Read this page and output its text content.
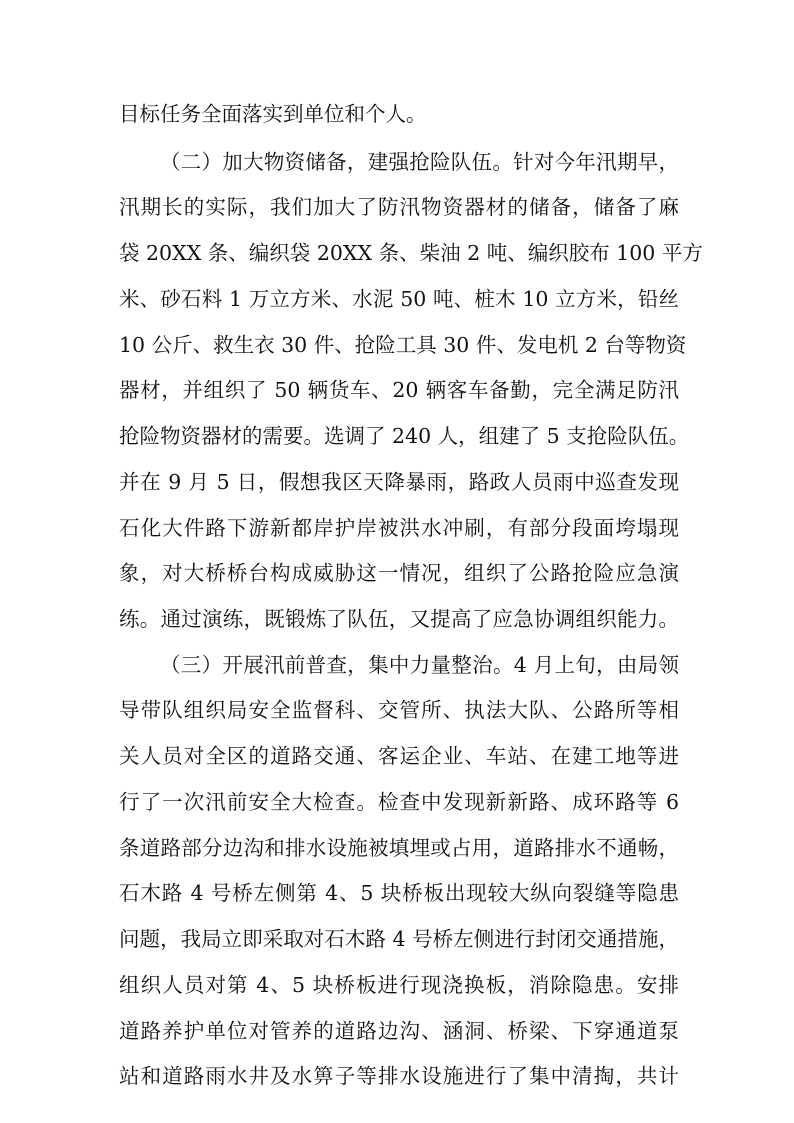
目标任务全面落实到单位和个人。
（二）加大物资储备，建强抢险队伍。针对今年汛期早，
汛期长的实际，我们加大了防汛物资器材的储备，储备了麻
袋 20XX 条、编织袋 20XX 条、柴油 2 吨、编织胶布 100 平方
米、砂石料 1 万立方米、水泥 50 吨、桩木 10 立方米，铅丝
10 公斤、救生衣 30 件、抢险工具 30 件、发电机 2 台等物资
器材，并组织了 50 辆货车、20 辆客车备勤，完全满足防汛
抢险物资器材的需要。选调了 240 人，组建了 5 支抢险队伍。
并在 9 月 5 日，假想我区天降暴雨，路政人员雨中巡查发现
石化大件路下游新都岸护岸被洪水冲刷，有部分段面垮塌现
象，对大桥桥台构成威胁这一情况，组织了公路抢险应急演
练。通过演练，既锻炼了队伍，又提高了应急协调组织能力。
（三）开展汛前普查，集中力量整治。4 月上旬，由局领
导带队组织局安全监督科、交管所、执法大队、公路所等相
关人员对全区的道路交通、客运企业、车站、在建工地等进
行了一次汛前安全大检查。检查中发现新新路、成环路等 6
条道路部分边沟和排水设施被填埋或占用，道路排水不通畅，
石木路 4 号桥左侧第 4、5 块桥板出现较大纵向裂缝等隐患
问题，我局立即采取对石木路 4 号桥左侧进行封闭交通措施，
组织人员对第 4、5 块桥板进行现浇换板，消除隐患。安排
道路养护单位对管养的道路边沟、涵洞、桥梁、下穿通道泵
站和道路雨水井及水箅子等排水设施进行了集中清掏，共计
